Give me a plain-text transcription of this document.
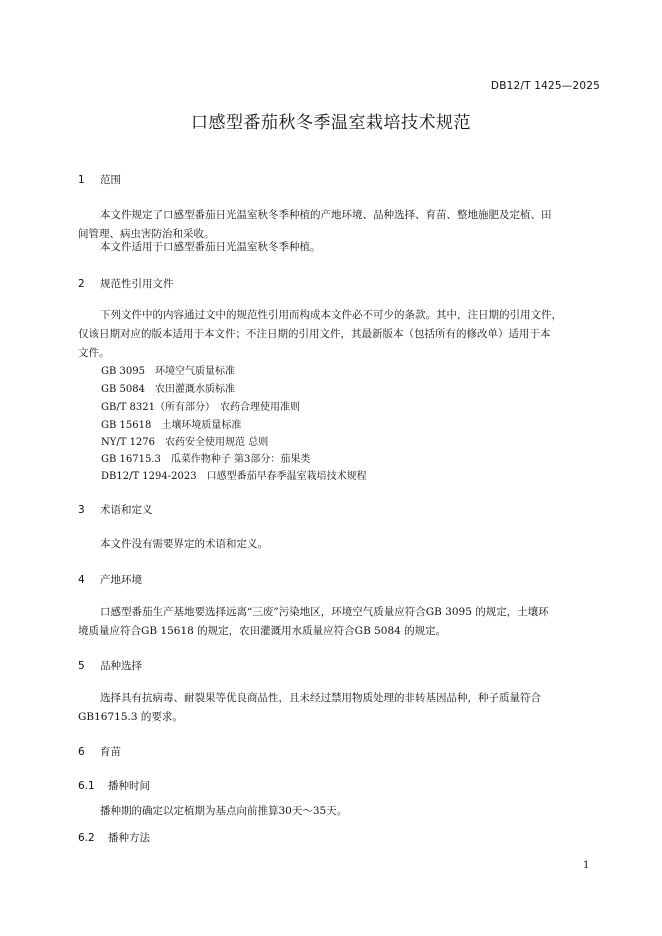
DB12/T 1425—2025
口感型番茄秋冬季温室栽培技术规范
1 范围
本文件规定了口感型番茄日光温室秋冬季种植的产地环境、品种选择、育苗、整地施肥及定植、田
间管理、病虫害防治和采收。
本文件适用于口感型番茄日光温室秋冬季种植。
2 规范性引用文件
下列文件中的内容通过文中的规范性引用而构成本文件必不可少的条款。其中，注日期的引用文件，
仅该日期对应的版本适用于本文件；不注日期的引用文件，其最新版本（包括所有的修改单）适用于本
文件。
GB 3095　环境空气质量标准
GB 5084　农田灌溉水质标准
GB/T 8321（所有部分）　农药合理使用准则
GB 15618　土壤环境质量标准
NY/T 1276　农药安全使用规范 总则
GB 16715.3　瓜菜作物种子 第3部分：茄果类
DB12/T 1294-2023　口感型番茄早春季温室栽培技术规程
3 术语和定义
本文件没有需要界定的术语和定义。
4 产地环境
口感型番茄生产基地要选择远离“三废”污染地区，环境空气质量应符合GB 3095 的规定，土壤环
境质量应符合GB 15618 的规定，农田灌溉用水质量应符合GB 5084 的规定。
5 品种选择
选择具有抗病毒、耐裂果等优良商品性，且未经过禁用物质处理的非转基因品种，种子质量符合
GB16715.3 的要求。
6 育苗
6.1 播种时间
播种期的确定以定植期为基点向前推算30天～35天。
6.2 播种方法
1
